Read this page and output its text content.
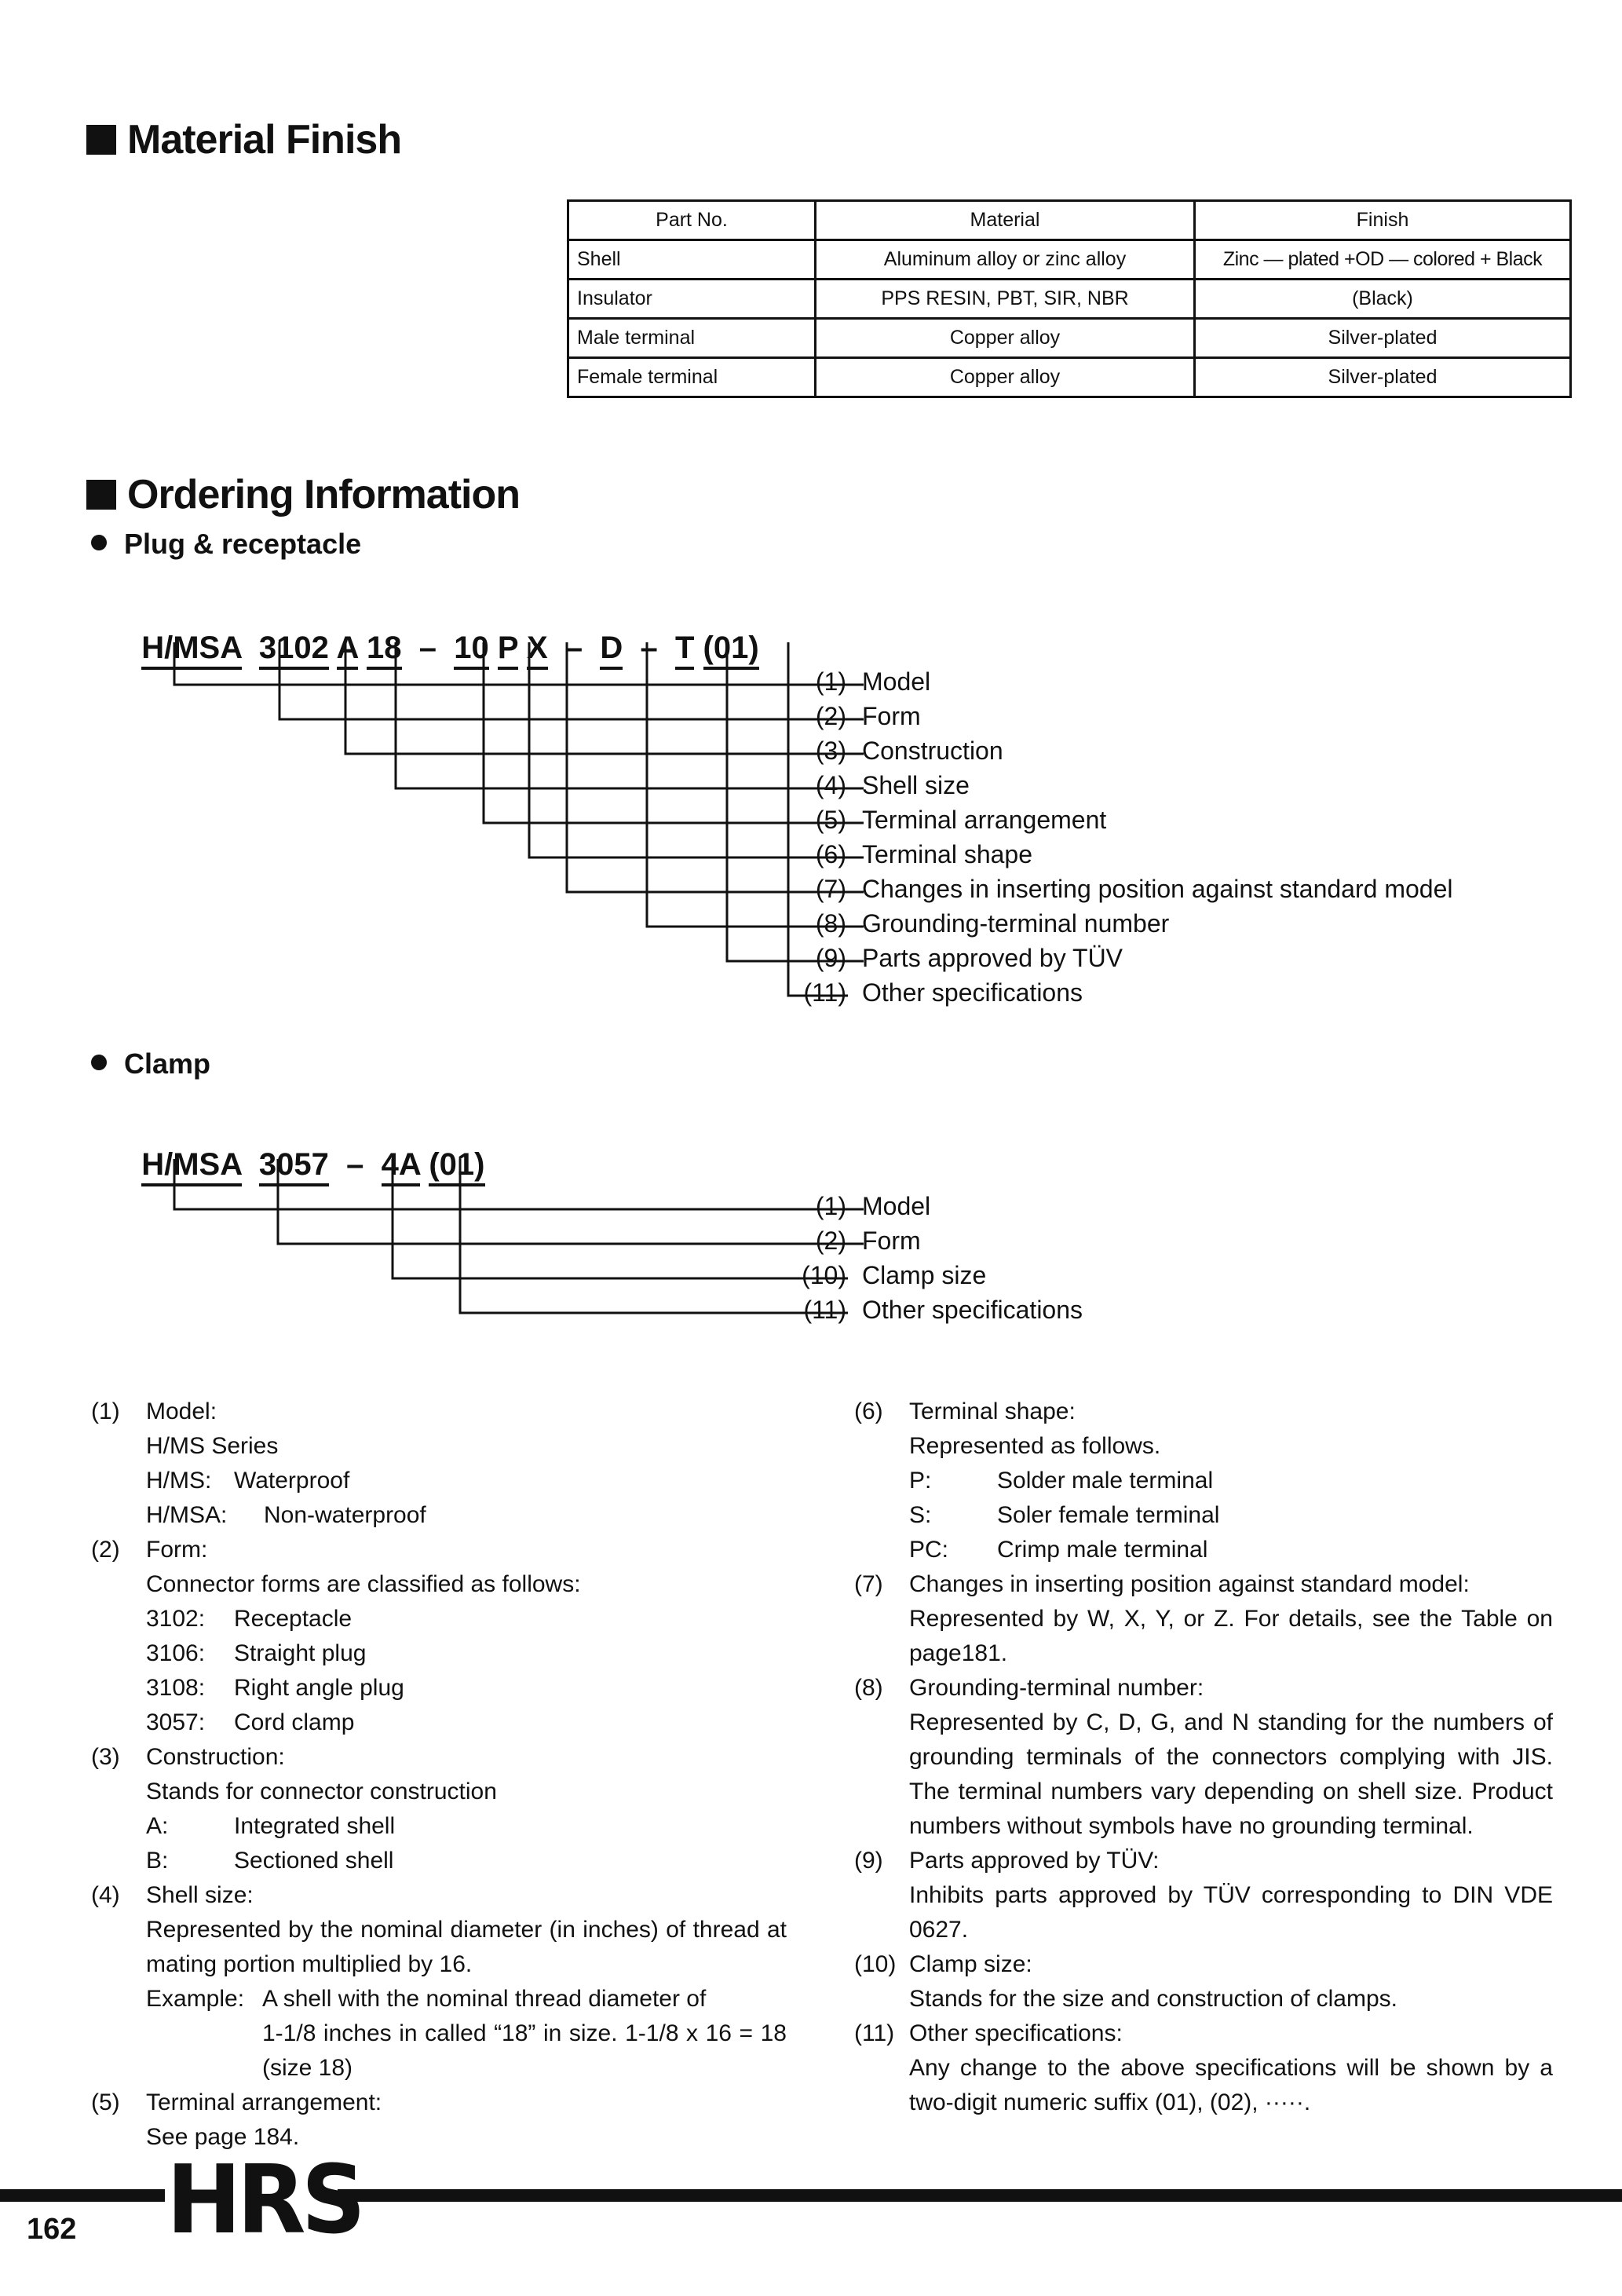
Material Finish
Part No.	Material	Finish
Shell	Aluminum alloy or zinc alloy	Zinc — plated +OD — colored + Black
Insulator	PPS RESIN, PBT, SIR, NBR	(Black)
Male terminal	Copper alloy	Silver-plated
Female terminal	Copper alloy	Silver-plated
Ordering Information
Plug & receptacle

H/MSA 3102 A 18 – 10 P X – D – T (01)

(1) Model
(2) Form
(3) Construction
(4) Shell size
(5) Terminal arrangement
(6) Terminal shape
(7) Changes in inserting position against standard model
(8) Grounding-terminal number
(9) Parts approved by TÜV
(11) Other specifications
Clamp

H/MSA 3057 – 4A (01)

(1) Model
(2) Form
(10) Clamp size
(11) Other specifications
(1)	Model:
H/MS Series
H/MS: Waterproof
H/MSA: Non-waterproof
(2)	Form:
Connector forms are classified as follows:
3102: Receptacle
3106: Straight plug
3108: Right angle plug
3057: Cord clamp
(3)	Construction:
Stands for connector construction
A:	Integrated shell
B:	Sectioned shell
(4)	Shell size:
Represented by the nominal diameter (in inches) of thread at mating portion multiplied by 16.
Example: A shell with the nominal thread diameter of
1-1/8 inches in called “18” in size. 1-1/8 x 16 = 18 (size 18)
(5)	Terminal arrangement:
See page 184.
(6)	Terminal shape:
Represented as follows.
P:	Solder male terminal
S:	Soler female terminal
PC: Crimp male terminal
(7)	Changes in inserting position against standard model:
Represented by W, X, Y, or Z. For details, see the Table on page181.
(8)	Grounding-terminal number:
Represented by C, D, G, and N standing for the numbers of grounding terminals of the connectors complying with JIS. The terminal numbers vary depending on shell size. Product numbers without symbols have no grounding terminal.
(9)	Parts approved by TÜV:
Inhibits parts approved by TÜV corresponding to DIN VDE 0627.
(10) Clamp size:
Stands for the size and construction of clamps.
(11) Other specifications:
Any change to the above specifications will be shown by a two-digit numeric suffix (01), (02), ·····.
162 HRS
